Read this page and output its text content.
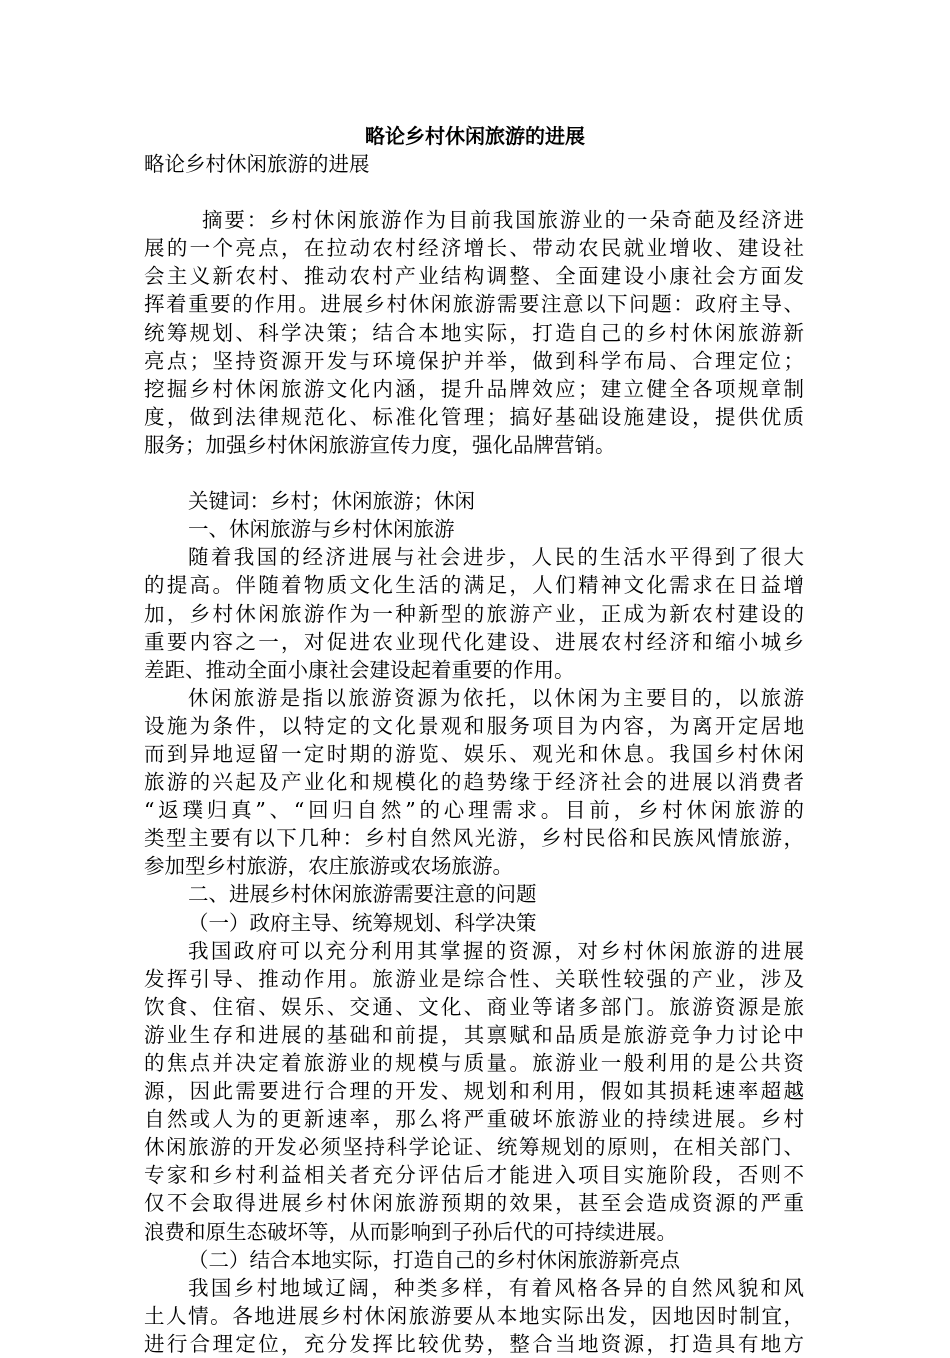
略论乡村休闲旅游的进展
略论乡村休闲旅游的进展
摘要：乡村休闲旅游作为目前我国旅游业的一朵奇葩及经济进
展的一个亮点，在拉动农村经济增长、带动农民就业增收、建设社
会主义新农村、推动农村产业结构调整、全面建设小康社会方面发
挥着重要的作用。进展乡村休闲旅游需要注意以下问题：政府主导、
统筹规划、科学决策；结合本地实际，打造自己的乡村休闲旅游新
亮点；坚持资源开发与环境保护并举，做到科学布局、合理定位；
挖掘乡村休闲旅游文化内涵，提升品牌效应；建立健全各项规章制
度，做到法律规范化、标准化管理；搞好基础设施建设，提供优质
服务；加强乡村休闲旅游宣传力度，强化品牌营销。
关键词：乡村；休闲旅游；休闲
一、休闲旅游与乡村休闲旅游
随着我国的经济进展与社会进步，人民的生活水平得到了很大
的提高。伴随着物质文化生活的满足，人们精神文化需求在日益增
加，乡村休闲旅游作为一种新型的旅游产业，正成为新农村建设的
重要内容之一，对促进农业现代化建设、进展农村经济和缩小城乡
差距、推动全面小康社会建设起着重要的作用。
休闲旅游是指以旅游资源为依托，以休闲为主要目的，以旅游
设施为条件，以特定的文化景观和服务项目为内容，为离开定居地
而到异地逗留一定时期的游览、娱乐、观光和休息。我国乡村休闲
旅游的兴起及产业化和规模化的趋势缘于经济社会的进展以消费者
“返璞归真”、“回归自然”的心理需求。目前，乡村休闲旅游的
类型主要有以下几种：乡村自然风光游，乡村民俗和民族风情旅游，
参加型乡村旅游，农庄旅游或农场旅游。
二、进展乡村休闲旅游需要注意的问题
（一）政府主导、统筹规划、科学决策
我国政府可以充分利用其掌握的资源，对乡村休闲旅游的进展
发挥引导、推动作用。旅游业是综合性、关联性较强的产业，涉及
饮食、住宿、娱乐、交通、文化、商业等诸多部门。旅游资源是旅
游业生存和进展的基础和前提，其禀赋和品质是旅游竞争力讨论中
的焦点并决定着旅游业的规模与质量。旅游业一般利用的是公共资
源，因此需要进行合理的开发、规划和利用，假如其损耗速率超越
自然或人为的更新速率，那么将严重破坏旅游业的持续进展。乡村
休闲旅游的开发必须坚持科学论证、统筹规划的原则，在相关部门、
专家和乡村利益相关者充分评估后才能进入项目实施阶段，否则不
仅不会取得进展乡村休闲旅游预期的效果，甚至会造成资源的严重
浪费和原生态破坏等，从而影响到子孙后代的可持续进展。
（二）结合本地实际，打造自己的乡村休闲旅游新亮点
我国乡村地域辽阔，种类多样，有着风格各异的自然风貌和风
土人情。各地进展乡村休闲旅游要从本地实际出发，因地因时制宜，
进行合理定位，充分发挥比较优势，整合当地资源，打造具有地方
